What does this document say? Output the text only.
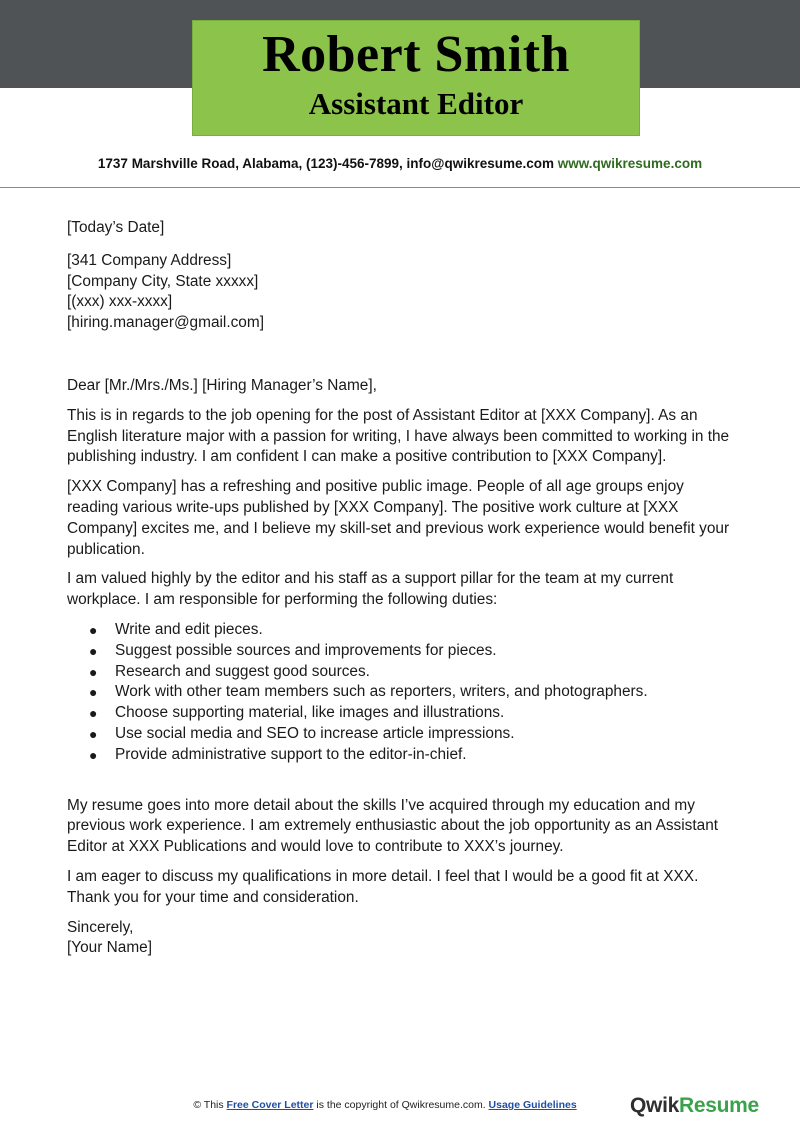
Robert Smith
Assistant Editor
1737 Marshville Road, Alabama, (123)-456-7899, info@qwikresume.com www.qwikresume.com

[Today’s Date]

[341 Company Address]

[Company City, State xxxxx]

[(xxx) xxx-xxxx]

[hiring.manager@gmail.com]

Dear [Mr./Mrs./Ms.] [Hiring Manager’s Name],

This is in regards to the job opening for the post of Assistant Editor at [XXX Company]. As an English literature major with a passion for writing, I have always been committed to working in the publishing industry. I am confident I can make a positive contribution to [XXX Company].

[XXX Company] has a refreshing and positive public image. People of all age groups enjoy reading various write-ups published by [XXX Company]. The positive work culture at [XXX Company] excites me, and I believe my skill-set and previous work experience would benefit your publication.

I am valued highly by the editor and his staff as a support pillar for the team at my current workplace. I am responsible for performing the following duties:

● Write and edit pieces.
● Suggest possible sources and improvements for pieces.
● Research and suggest good sources.
● Work with other team members such as reporters, writers, and photographers.
● Choose supporting material, like images and illustrations.
● Use social media and SEO to increase article impressions.
● Provide administrative support to the editor-in-chief.

My resume goes into more detail about the skills I’ve acquired through my education and my previous work experience. I am extremely enthusiastic about the job opportunity as an Assistant Editor at XXX Publications and would love to contribute to XXX’s journey.

I am eager to discuss my qualifications in more detail. I feel that I would be a good fit at XXX. Thank you for your time and consideration.

Sincerely,

[Your Name]

© This Free Cover Letter is the copyright of Qwikresume.com. Usage Guidelines	QwikResume
